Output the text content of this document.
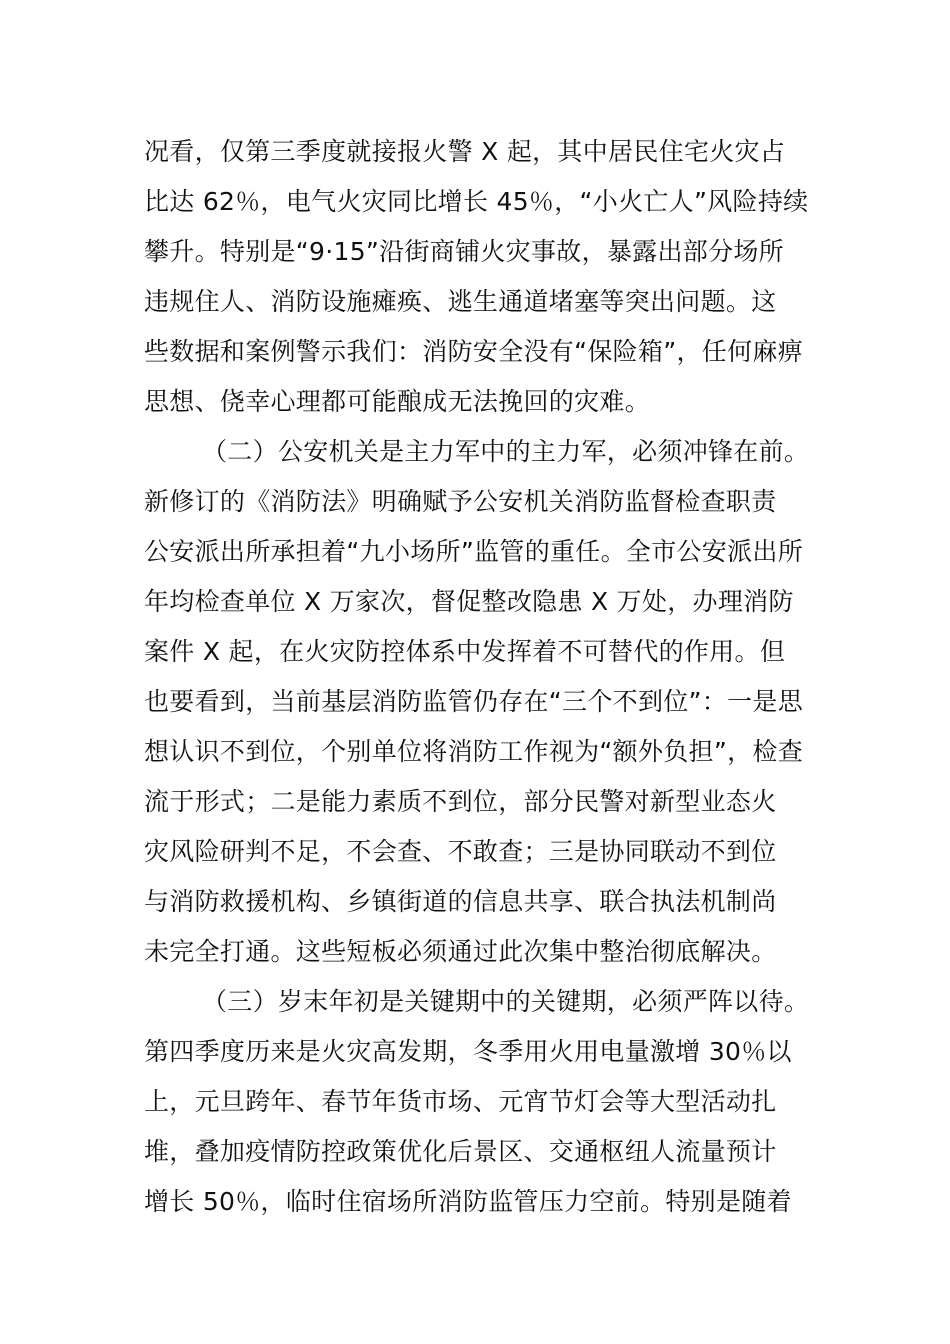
况看，仅第三季度就接报火警 X 起，其中居民住宅火灾占
比达 62％，电气火灾同比增长 45％，“小火亡人”风险持续
攀升。特别是“9·15”沿街商铺火灾事故，暴露出部分场所
违规住人、消防设施瘫痪、逃生通道堵塞等突出问题。这
些数据和案例警示我们：消防安全没有“保险箱”，任何麻痹
思想、侥幸心理都可能酿成无法挽回的灾难。
（二）公安机关是主力军中的主力军，必须冲锋在前。
新修订的《消防法》明确赋予公安机关消防监督检查职责
公安派出所承担着“九小场所”监管的重任。全市公安派出所
年均检查单位 X 万家次，督促整改隐患 X 万处，办理消防
案件 X 起，在火灾防控体系中发挥着不可替代的作用。但
也要看到，当前基层消防监管仍存在“三个不到位”：一是思
想认识不到位，个别单位将消防工作视为“额外负担”，检查
流于形式；二是能力素质不到位，部分民警对新型业态火
灾风险研判不足，不会查、不敢查；三是协同联动不到位
与消防救援机构、乡镇街道的信息共享、联合执法机制尚
未完全打通。这些短板必须通过此次集中整治彻底解决。
（三）岁末年初是关键期中的关键期，必须严阵以待。
第四季度历来是火灾高发期，冬季用火用电量激增 30％以
上，元旦跨年、春节年货市场、元宵节灯会等大型活动扎
堆，叠加疫情防控政策优化后景区、交通枢纽人流量预计
增长 50％，临时住宿场所消防监管压力空前。特别是随着
